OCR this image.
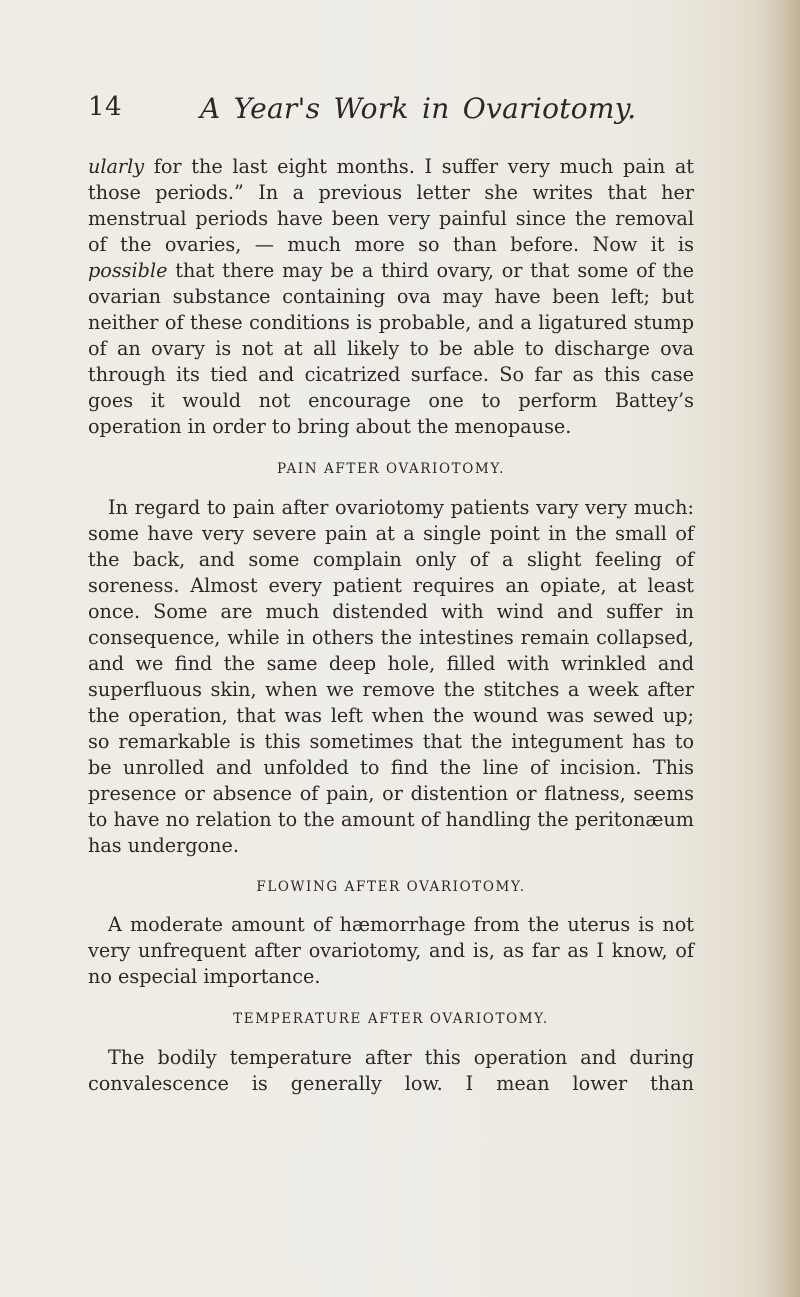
14	A Year's Work in Ovariotomy.

ularly for the last eight months. I suffer very much pain at those periods.” In a previous letter she writes that her menstrual periods have been very painful since the removal of the ovaries, — much more so than before. Now it is possible that there may be a third ovary, or that some of the ovarian substance containing ova may have been left; but neither of these conditions is probable, and a ligatured stump of an ovary is not at all likely to be able to discharge ova through its tied and cicatrized surface. So far as this case goes it would not encourage one to perform Battey’s operation in order to bring about the menopause.

PAIN AFTER OVARIOTOMY.

In regard to pain after ovariotomy patients vary very much: some have very severe pain at a single point in the small of the back, and some complain only of a slight feeling of soreness. Almost every patient requires an opiate, at least once. Some are much distended with wind and suffer in consequence, while in others the intestines remain collapsed, and we find the same deep hole, filled with wrinkled and superfluous skin, when we remove the stitches a week after the operation, that was left when the wound was sewed up; so remarkable is this sometimes that the integument has to be unrolled and unfolded to find the line of incision. This presence or absence of pain, or distention or flatness, seems to have no relation to the amount of handling the peritonæum has undergone.

FLOWING AFTER OVARIOTOMY.

A moderate amount of hæmorrhage from the uterus is not very unfrequent after ovariotomy, and is, as far as I know, of no especial importance.

TEMPERATURE AFTER OVARIOTOMY.

The bodily temperature after this operation and during convalescence is generally low. I mean lower than
